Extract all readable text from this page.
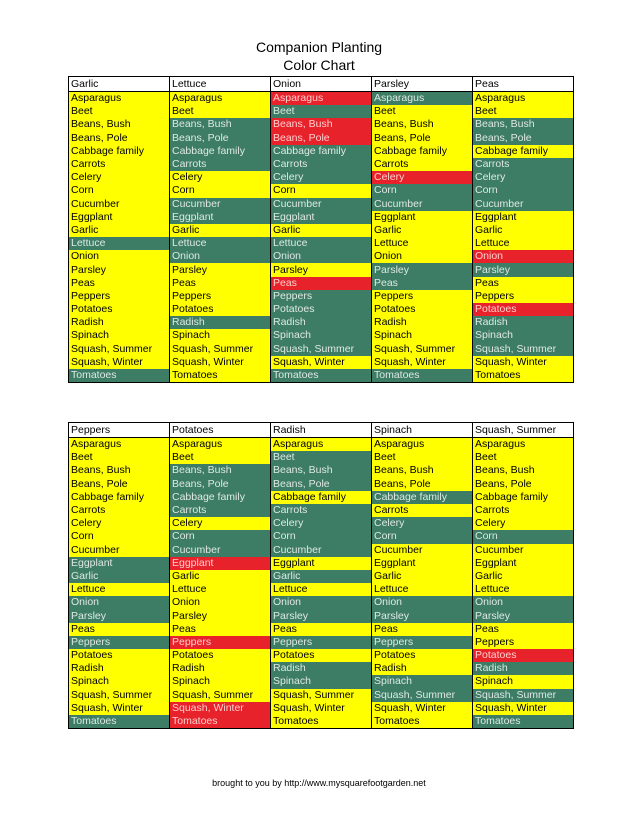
Companion Planting
Color Chart
Garlic	Lettuce	Onion	Parsley	Peas
Asparagus	Asparagus	Asparagus	Asparagus	Asparagus
Beet	Beet	Beet	Beet	Beet
Beans, Bush	Beans, Bush	Beans, Bush	Beans, Bush	Beans, Bush
Beans, Pole	Beans, Pole	Beans, Pole	Beans, Pole	Beans, Pole
Cabbage family	Cabbage family	Cabbage family	Cabbage family	Cabbage family
Carrots	Carrots	Carrots	Carrots	Carrots
Celery	Celery	Celery	Celery	Celery
Corn	Corn	Corn	Corn	Corn
Cucumber	Cucumber	Cucumber	Cucumber	Cucumber
Eggplant	Eggplant	Eggplant	Eggplant	Eggplant
Garlic	Garlic	Garlic	Garlic	Garlic
Lettuce	Lettuce	Lettuce	Lettuce	Lettuce
Onion	Onion	Onion	Onion	Onion
Parsley	Parsley	Parsley	Parsley	Parsley
Peas	Peas	Peas	Peas	Peas
Peppers	Peppers	Peppers	Peppers	Peppers
Potatoes	Potatoes	Potatoes	Potatoes	Potatoes
Radish	Radish	Radish	Radish	Radish
Spinach	Spinach	Spinach	Spinach	Spinach
Squash, Summer	Squash, Summer	Squash, Summer	Squash, Summer	Squash, Summer
Squash, Winter	Squash, Winter	Squash, Winter	Squash, Winter	Squash, Winter
Tomatoes	Tomatoes	Tomatoes	Tomatoes	Tomatoes
Peppers	Potatoes	Radish	Spinach	Squash, Summer
Asparagus	Asparagus	Asparagus	Asparagus	Asparagus
Beet	Beet	Beet	Beet	Beet
Beans, Bush	Beans, Bush	Beans, Bush	Beans, Bush	Beans, Bush
Beans, Pole	Beans, Pole	Beans, Pole	Beans, Pole	Beans, Pole
Cabbage family	Cabbage family	Cabbage family	Cabbage family	Cabbage family
Carrots	Carrots	Carrots	Carrots	Carrots
Celery	Celery	Celery	Celery	Celery
Corn	Corn	Corn	Corn	Corn
Cucumber	Cucumber	Cucumber	Cucumber	Cucumber
Eggplant	Eggplant	Eggplant	Eggplant	Eggplant
Garlic	Garlic	Garlic	Garlic	Garlic
Lettuce	Lettuce	Lettuce	Lettuce	Lettuce
Onion	Onion	Onion	Onion	Onion
Parsley	Parsley	Parsley	Parsley	Parsley
Peas	Peas	Peas	Peas	Peas
Peppers	Peppers	Peppers	Peppers	Peppers
Potatoes	Potatoes	Potatoes	Potatoes	Potatoes
Radish	Radish	Radish	Radish	Radish
Spinach	Spinach	Spinach	Spinach	Spinach
Squash, Summer	Squash, Summer	Squash, Summer	Squash, Summer	Squash, Summer
Squash, Winter	Squash, Winter	Squash, Winter	Squash, Winter	Squash, Winter
Tomatoes	Tomatoes	Tomatoes	Tomatoes	Tomatoes
brought to you by http://www.mysquarefootgarden.net
